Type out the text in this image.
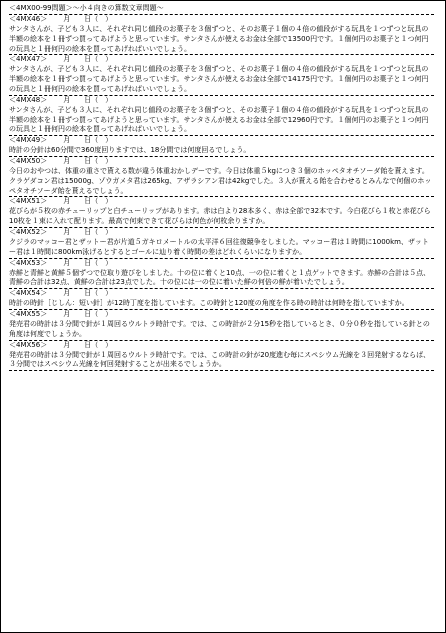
＜4MX00-99問題＞～小４向きの算数文章問題～
＜4MX46＞ 月　　日（　）
サンタさんが、子ども３人に、それぞれ同じ値段のお菓子を３個ずつと、そのお菓子１個の４倍の値段がする玩具を１つずつと玩具の半額の絵本を１冊ずつ買ってあげようと思っています。サンタさんが使えるお金は全部で13500円です。１個何円のお菓子と１つ何円の玩具と１冊何円の絵本を買ってあげればいいでしょう。
＜4MX47＞ 月　　日（　）
サンタさんが、子ども３人に、それぞれ同じ値段のお菓子を３個ずつと、そのお菓子１個の４倍の値段がする玩具を１つずつと玩具の半額の絵本を１冊ずつ買ってあげようと思っています。サンタさんが使えるお金は全部で14175円です。１個何円のお菓子と１つ何円の玩具と１冊何円の絵本を買ってあげればいいでしょう。
＜4MX48＞ 月　　日（　）
サンタさんが、子ども３人に、それぞれ同じ値段のお菓子を３個ずつと、そのお菓子１個の４倍の値段がする玩具を１つずつと玩具の半額の絵本を１冊ずつ買ってあげようと思っています。サンタさんが使えるお金は全部で12960円です。１個何円のお菓子と１つ何円の玩具と１冊何円の絵本を買ってあげればいいでしょう。
＜4MX49＞ 月　　日（　）
時計の分針は60分間で360度回りますでは、18分間では何度回るでしょう。
＜4MX50＞ 月　　日（　）
今日のおやつは、体重の重さで貰える数が違う体重おかしデーです。今日は体重５kgにつき３個のホッペタオチソーダ飴を貰えます。クラゲダコン君は15000g、ゾウガメタ君は265kg、アザラシアン君は42kgでした。３人が貰える飴を合わせるとみんなで何個のホッペタオチソーダ飴を貰えるでしょう。
＜4MX51＞ 月　　日（　）
花びらが５枚の赤チューリップと白チューリップがあります。赤は白より28本多く、赤は全部で32本です。今白花びら１枚と赤花びら10枚を１束に入れて配ります。最高で何束できて花びらは何色が何枚余りますか。
＜4MX52＞ 月　　日（　）
クジラのマッコー君とザットー君が片道５ガキロメートルの太平洋６回往復競争をしました。マッコー君は１時間に1000km、ザットー君は１時間に800km泳げるとするとゴールに辿り着く時間の差はどれくらいになりますか。
＜4MX53＞ 月　　日（　）
赤鮮と青鮮と黄鮮５個ずつで位取り遊びをしました。十の位に着くと10点、一の位に着くと１点ゲットできます。赤鮮の合計は５点、青鮮の合計は32点、黄鮮の合計は23点でした。十の位には一の位に着いた鮮の何倍の鮮が着いたでしょう。
＜4MX54＞ 月　　日（　）
時計の時針［じしん：短い針］が12時丁度を指しています。この時針と120度の角度を作る時の時計は何時を指していますか。
＜4MX55＞ 月　　日（　）
発売君の時計は３分間で針が１周回るウルトラ時計です。では、この時計が２分15秒を指しているとき、０分０秒を指している針との角度は何度でしょうか。
＜4MX56＞ 月　　日（　）
発売君の時計は３分間で針が１周回るウルトラ時計です。では、この時計の針が20度進む毎にスペシウム光線を３回発射するならば、３分間ではスペシウム光線を何回発射することが出来るでしょうか。
